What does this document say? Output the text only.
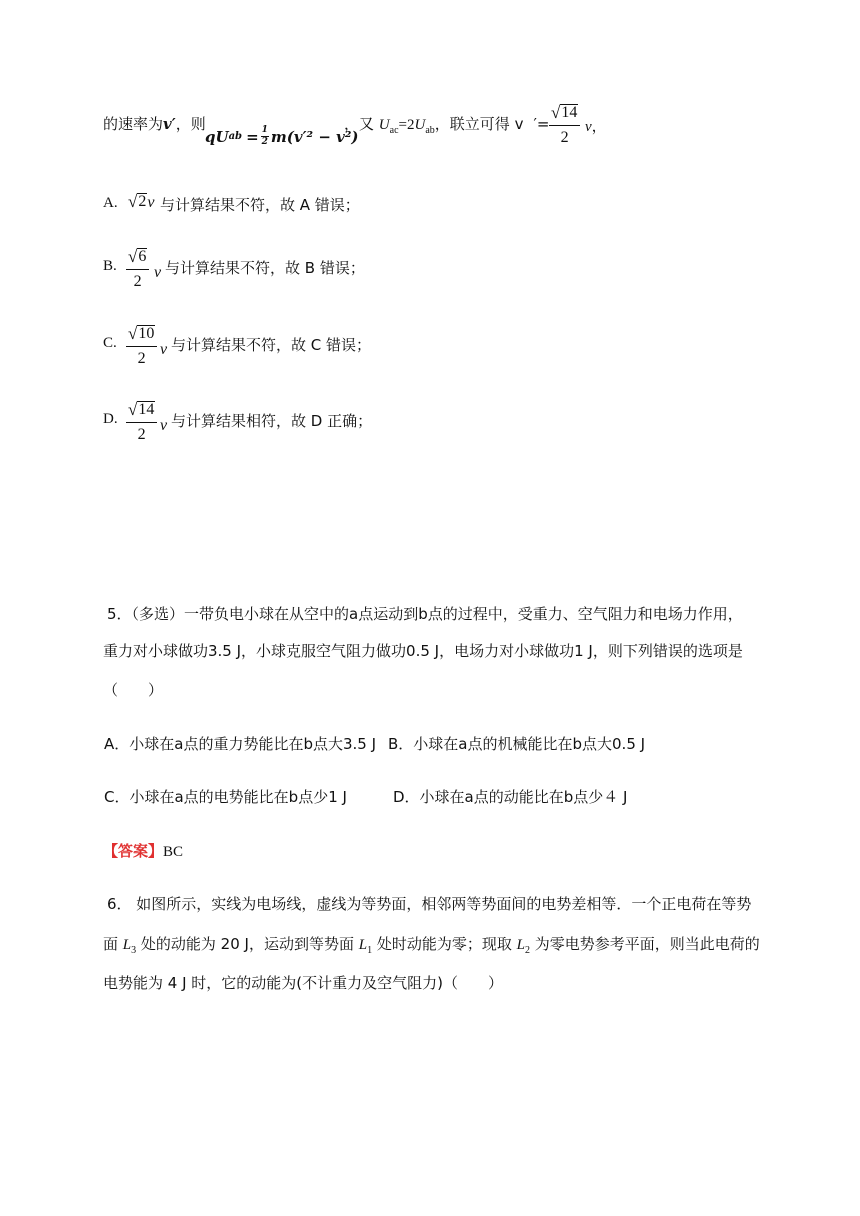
的速率为v′，则
qU ab = $\frac{1}{2} m(v'^2 - v^2)$
，又 $U_{ac}=2U_{ab}$，联立可得 v ′= $\frac{√ 14}{2}$ v，
A. √ 2 v 与计算结果不符，故 A 错误；
B. $\frac{√ 6}{2}$ v 与计算结果不符，故 B 错误；
C. $\frac{√ 10}{2}$ v 与计算结果不符，故 C 错误；
D. $\frac{√ 14}{2}$ v 与计算结果相符，故 D 正确；
5．（多选）一带负电小球在从空中的a点运动到b点的过程中，受重力、空气阻力和电场力作用，
重力对小球做功3.5 J，小球克服空气阻力做功0.5 J，电场力对小球做功1 J，则下列错误的选项是
（　　）
A．小球在a点的重力势能比在b点大3.5 J B．小球在a点的机械能比在b点大0.5 J
C．小球在a点的电势能比在b点少1 J	D．小球在a点的动能比在b点少４ J
【答案】BC
6． 如图所示，实线为电场线，虚线为等势面，相邻两等势面间的电势差相等．一个正电荷在等势
面 $L_3$ 处的动能为 20 J，运动到等势面 $L_1$ 处时动能为零；现取 $L_2$ 为零电势参考平面，则当此电荷的
电势能为 4 J 时，它的动能为(不计重力及空气阻力)（　　）
